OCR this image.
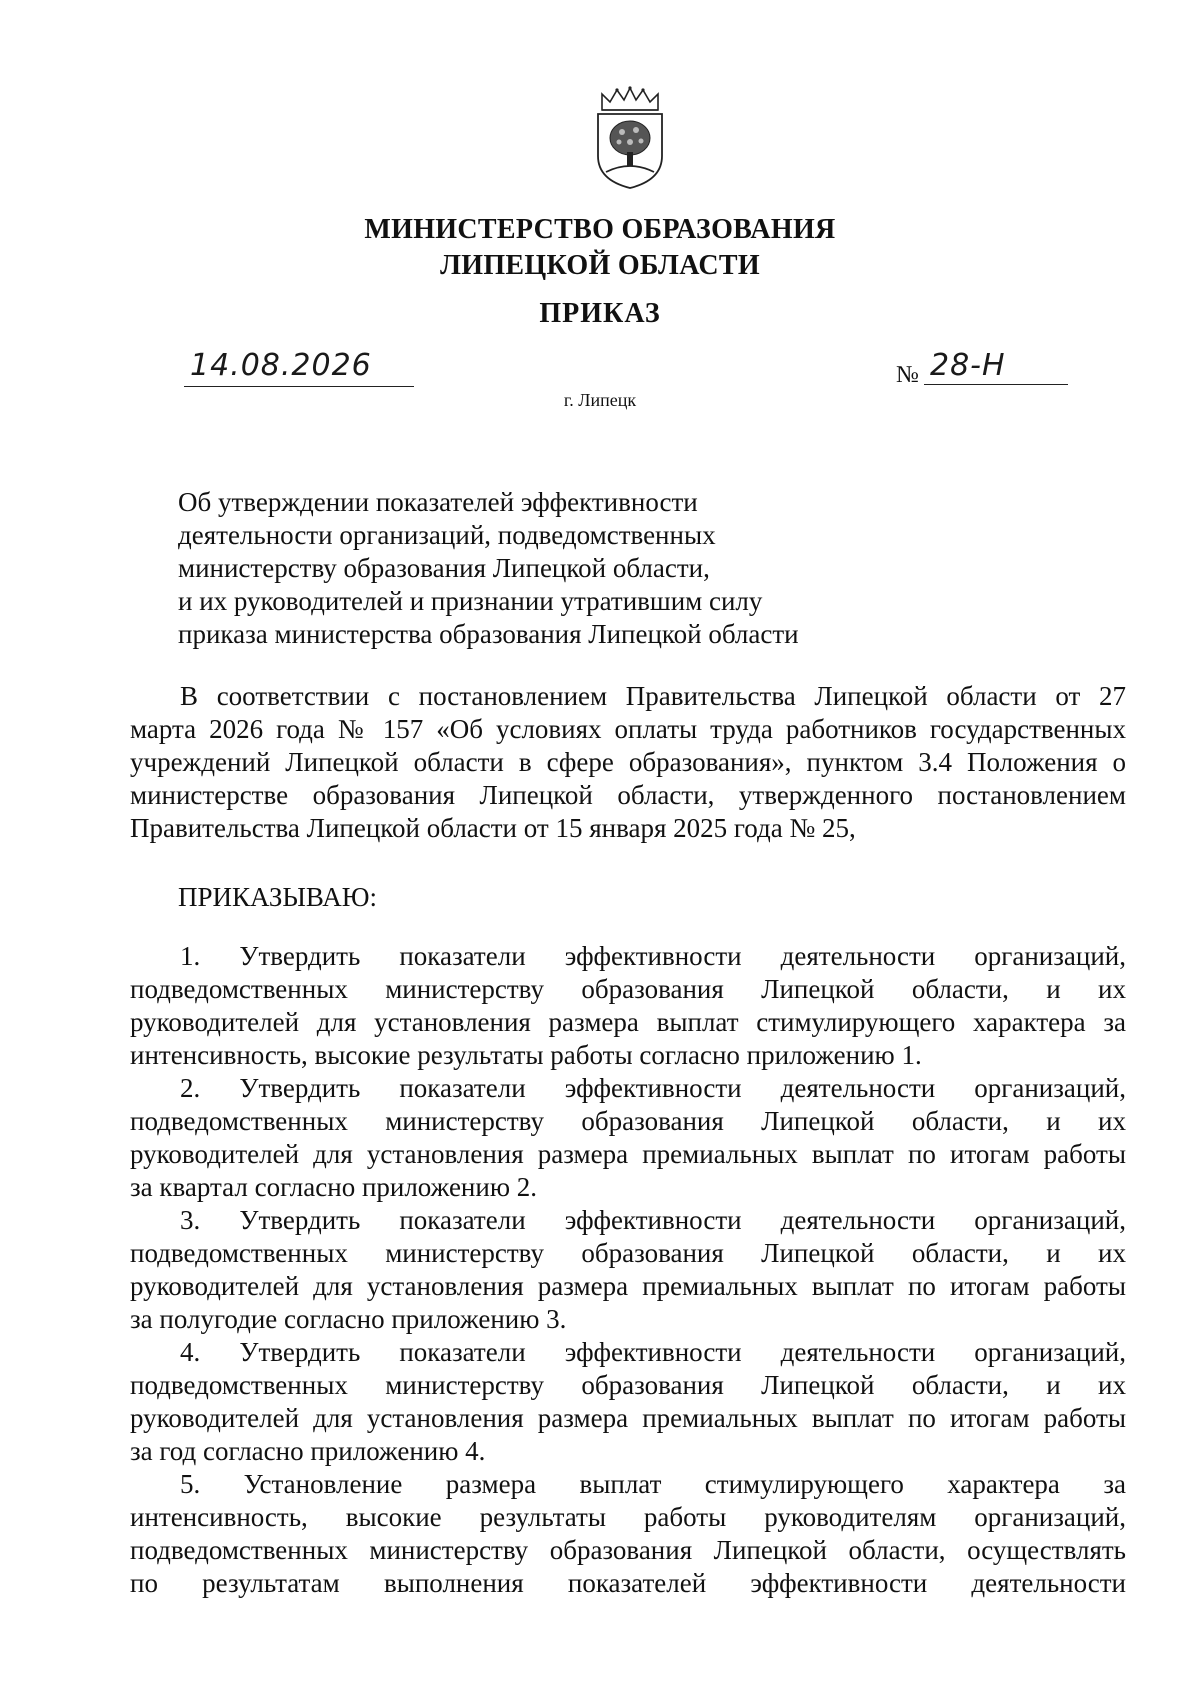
МИНИСТЕРСТВО ОБРАЗОВАНИЯ
ЛИПЕЦКОЙ ОБЛАСТИ
ПРИКАЗ
14.08.2026	№ 28-Н
г. Липецк
Об утверждении показателей эффективности
деятельности организаций, подведомственных
министерству образования Липецкой области,
и их руководителей и признании утратившим силу
приказа министерства образования Липецкой области
В соответствии с постановлением Правительства Липецкой области от 27
марта 2026 года № 157 «Об условиях оплаты труда работников государственных
учреждений Липецкой области в сфере образования», пунктом 3.4 Положения о
министерстве образования Липецкой области, утвержденного постановлением
Правительства Липецкой области от 15 января 2025 года № 25,
ПРИКАЗЫВАЮ:
1. Утвердить показатели эффективности деятельности организаций,
подведомственных министерству образования Липецкой области, и их
руководителей для установления размера выплат стимулирующего характера за
интенсивность, высокие результаты работы согласно приложению 1.
2. Утвердить показатели эффективности деятельности организаций,
подведомственных министерству образования Липецкой области, и их
руководителей для установления размера премиальных выплат по итогам работы
за квартал согласно приложению 2.
3. Утвердить показатели эффективности деятельности организаций,
подведомственных министерству образования Липецкой области, и их
руководителей для установления размера премиальных выплат по итогам работы
за полугодие согласно приложению 3.
4. Утвердить показатели эффективности деятельности организаций,
подведомственных министерству образования Липецкой области, и их
руководителей для установления размера премиальных выплат по итогам работы
за год согласно приложению 4.
5. Установление размера выплат стимулирующего характера за
интенсивность, высокие результаты работы руководителям организаций,
подведомственных министерству образования Липецкой области, осуществлять
по результатам выполнения показателей эффективности деятельности
